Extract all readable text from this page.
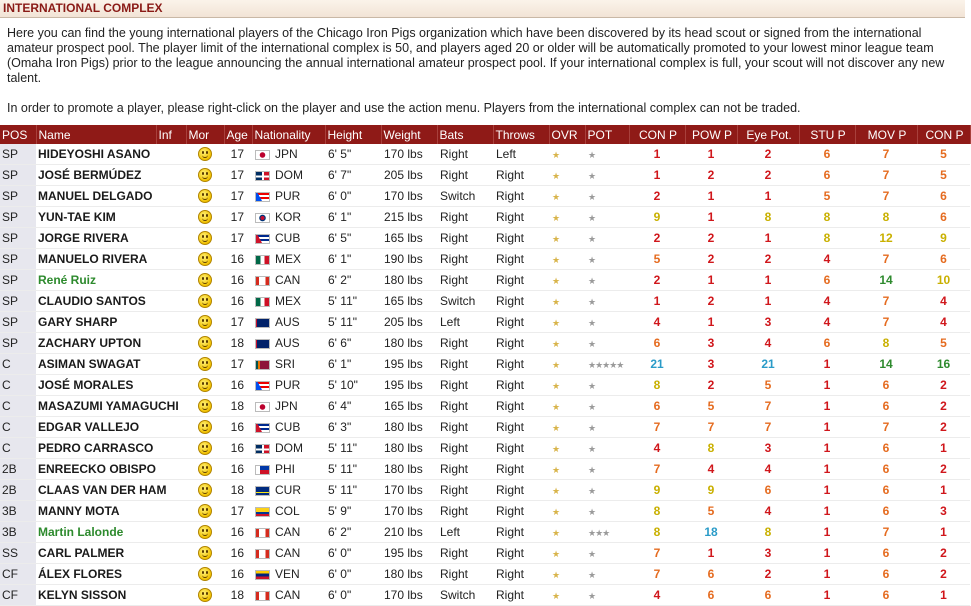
INTERNATIONAL COMPLEX

Here you can find the young international players of the Chicago Iron Pigs organization which have been discovered by its head scout or signed from the international amateur prospect pool. The player limit of the international complex is 50, and players aged 20 or older will be automatically promoted to your lowest minor league team (Omaha Iron Pigs) prior to the league announcing the annual international amateur prospect pool. If your international complex is full, your scout will not discover any new talent.

In order to promote a player, please right-click on the player and use the action menu. Players from the international complex can not be traded.

POS	Name	Inf	Mor	Age	Nationality	Height	Weight	Bats	Throws	OVR	POT	CON P	POW P	Eye Pot.	STU P	MOV P	CON P
SP	HIDEYOSHI ASANO			17	JPN	6' 5"	170 lbs	Right	Left	★	★	1	1	2	6	7	5
SP	JOSÉ BERMÚDEZ			17	DOM	6' 7"	205 lbs	Right	Right	★	★	1	2	2	6	7	5
SP	MANUEL DELGADO			17	PUR	6' 0"	170 lbs	Switch	Right	★	★	2	1	1	5	7	6
SP	YUN-TAE KIM			17	KOR	6' 1"	215 lbs	Right	Right	★	★	9	1	8	8	8	6
SP	JORGE RIVERA			17	CUB	6' 5"	165 lbs	Right	Right	★	★	2	2	1	8	12	9
SP	MANUELO RIVERA			16	MEX	6' 1"	190 lbs	Right	Right	★	★	5	2	2	4	7	6
SP	René Ruiz			16	CAN	6' 2"	180 lbs	Right	Right	★	★	2	1	1	6	14	10
SP	CLAUDIO SANTOS			16	MEX	5' 11"	165 lbs	Switch	Right	★	★	1	2	1	4	7	4
SP	GARY SHARP			17	AUS	5' 11"	205 lbs	Left	Right	★	★	4	1	3	4	7	4
SP	ZACHARY UPTON			18	AUS	6' 6"	180 lbs	Right	Right	★	★	6	3	4	6	8	5
C	ASIMAN SWAGAT			17	SRI	6' 1"	195 lbs	Right	Right	★	★★★★★	21	3	21	1	14	16
C	JOSÉ MORALES			16	PUR	5' 10"	195 lbs	Right	Right	★	★	8	2	5	1	6	2
C	MASAZUMI YAMAGUCHI			18	JPN	6' 4"	165 lbs	Right	Right	★	★	6	5	7	1	6	2
C	EDGAR VALLEJO			16	CUB	6' 3"	180 lbs	Right	Right	★	★	7	7	7	1	7	2
C	PEDRO CARRASCO			16	DOM	5' 11"	180 lbs	Right	Right	★	★	4	8	3	1	6	1
2B	ENREECKO OBISPO			16	PHI	5' 11"	180 lbs	Right	Right	★	★	7	4	4	1	6	2
2B	CLAAS VAN DER HAM			18	CUR	5' 11"	170 lbs	Right	Right	★	★	9	9	6	1	6	1
3B	MANNY MOTA			17	COL	5' 9"	170 lbs	Right	Right	★	★	8	5	4	1	6	3
3B	Martin Lalonde			16	CAN	6' 2"	210 lbs	Left	Right	★	★★★	8	18	8	1	7	1
SS	CARL PALMER			16	CAN	6' 0"	195 lbs	Right	Right	★	★	7	1	3	1	6	2
CF	ÁLEX FLORES			16	VEN	6' 0"	180 lbs	Right	Right	★	★	7	6	2	1	6	2
CF	KELYN SISSON			18	CAN	6' 0"	170 lbs	Switch	Right	★	★	4	6	6	1	6	1
